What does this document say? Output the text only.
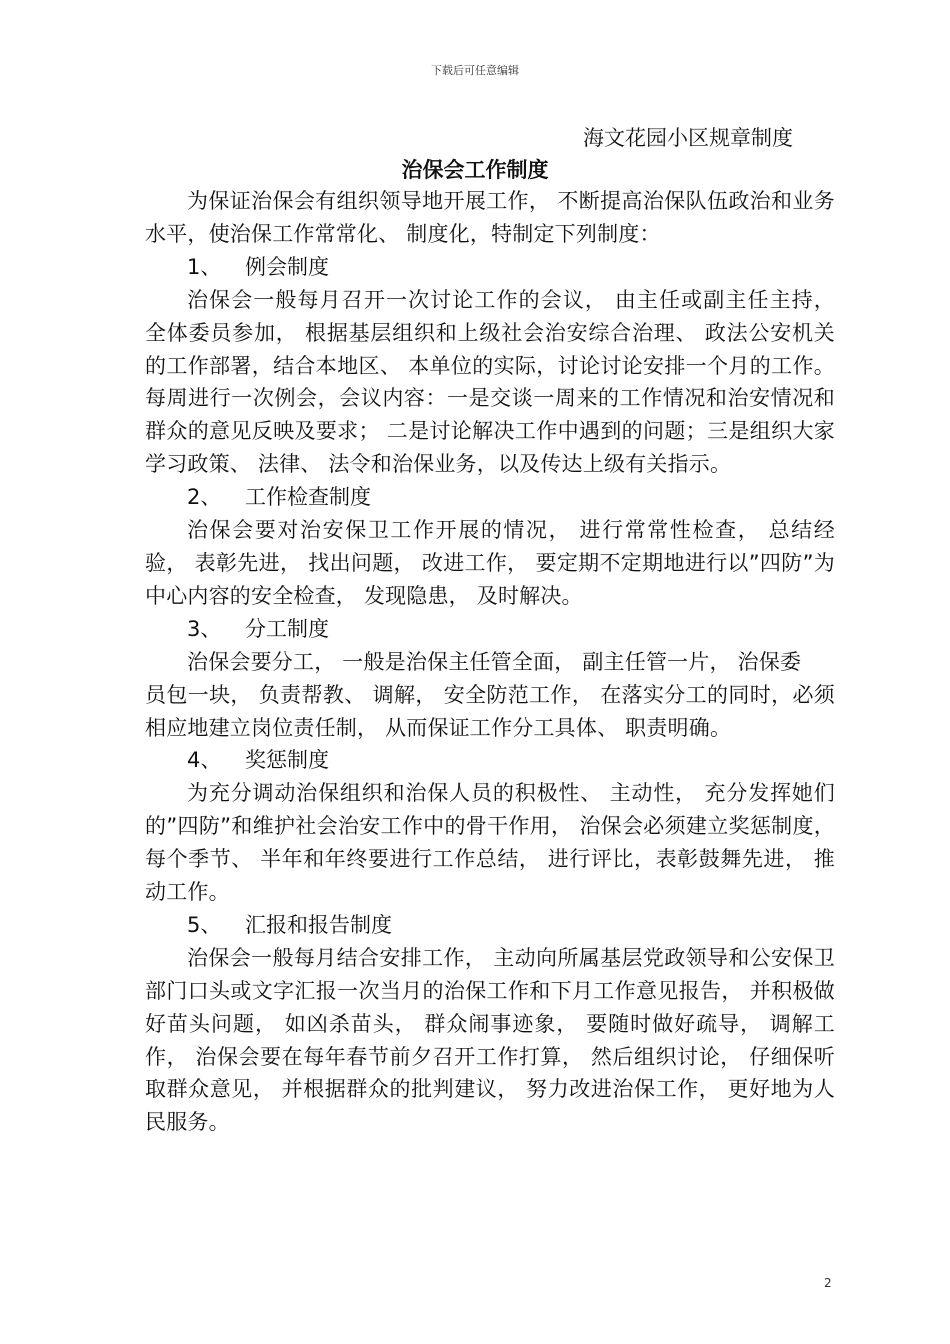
下载后可任意编辑
海文花园小区规章制度
治保会工作制度

为保证治保会有组织领导地开展工作， 不断提高治保队伍政治和业务水平，使治保工作常常化、 制度化，特制定下列制度：

1、 例会制度

治保会一般每月召开一次讨论工作的会议， 由主任或副主任主持， 全体委员参加， 根据基层组织和上级社会治安综合治理、 政法公安机关的工作部署，结合本地区、 本单位的实际，讨论讨论安排一个月的工作。每周进行一次例会，会议内容：一是交谈一周来的工作情况和治安情况和群众的意见反映及要求； 二是讨论解决工作中遇到的问题；三是组织大家学习政策、 法律、 法令和治保业务，以及传达上级有关指示。

2、 工作检查制度

治保会要对治安保卫工作开展的情况， 进行常常性检查， 总结经验， 表彰先进， 找出问题， 改进工作， 要定期不定期地进行以”四防”为中心内容的安全检查， 发现隐患， 及时解决。

3、 分工制度

治保会要分工， 一般是治保主任管全面， 副主任管一片， 治保委

员包一块， 负责帮教、 调解， 安全防范工作， 在落实分工的同时，必须相应地建立岗位责任制， 从而保证工作分工具体、 职责明确。

4、 奖惩制度

为充分调动治保组织和治保人员的积极性、 主动性， 充分发挥她们的”四防”和维护社会治安工作中的骨干作用， 治保会必须建立奖惩制度， 每个季节、 半年和年终要进行工作总结， 进行评比，表彰鼓舞先进， 推动工作。

5、 汇报和报告制度

治保会一般每月结合安排工作， 主动向所属基层党政领导和公安保卫部门口头或文字汇报一次当月的治保工作和下月工作意见报告， 并积极做好苗头问题， 如凶杀苗头， 群众闹事迹象， 要随时做好疏导， 调解工作， 治保会要在每年春节前夕召开工作打算， 然后组织讨论， 仔细保听取群众意见， 并根据群众的批判建议， 努力改进治保工作， 更好地为人民服务。

2
